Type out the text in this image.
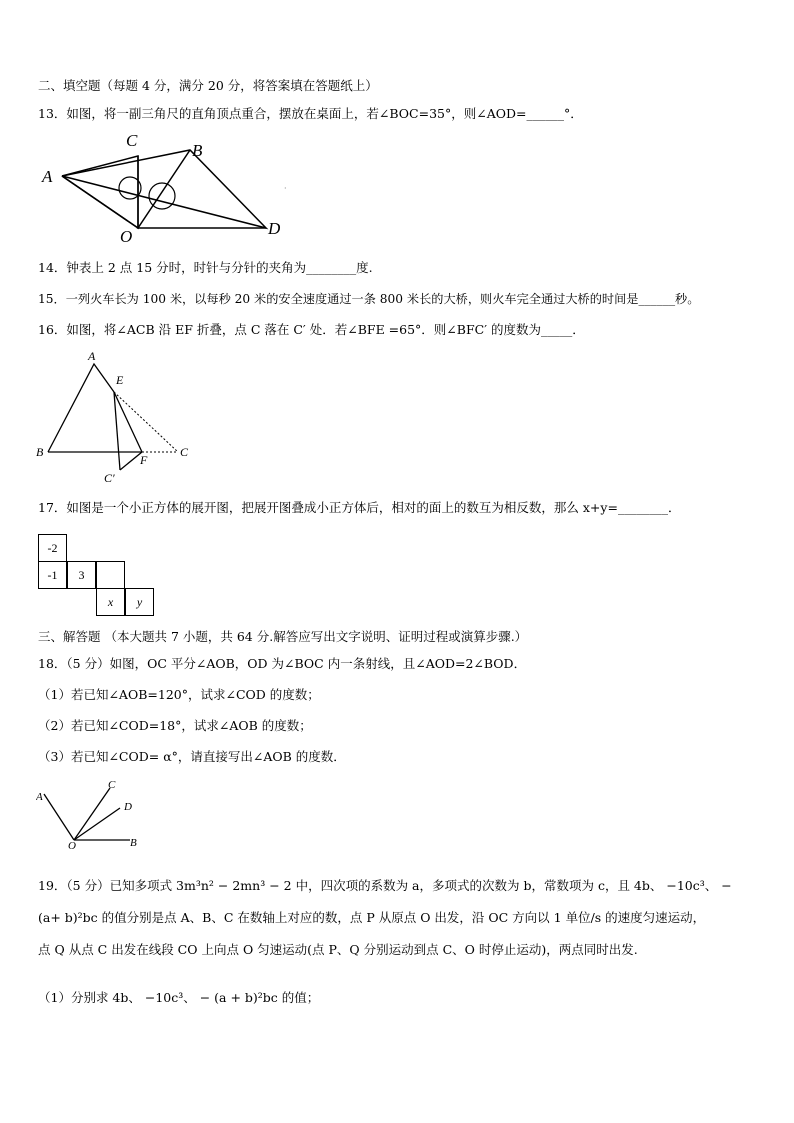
二、填空题（每题 4 分，满分 20 分，将答案填在答题纸上）
13．如图，将一副三角尺的直角顶点重合，摆放在桌面上，若∠BOC=35°，则∠AOD=______°．
A
C
B
O	D
·
14．钟表上 2 点 15 分时，时针与分针的夹角为________度.
15．一列火车长为 100 米，以每秒 20 米的安全速度通过一条 800 米长的大桥，则火车完全通过大桥的时间是______秒。
16．如图，将∠ACB 沿 EF 折叠，点 C 落在 C′ 处．若∠BFE =65°．则∠BFC′ 的度数为_____．
A
E
B
F
C
C′
17．如图是一个小正方体的展开图，把展开图叠成小正方体后，相对的面上的数互为相反数，那么 x+y=________．
-2
-1	3
x	y
三、解答题 （本大题共 7 小题，共 64 分.解答应写出文字说明、证明过程或演算步骤.）
18．（5 分）如图，OC 平分∠AOB，OD 为∠BOC 内一条射线，且∠AOD=2∠BOD．
（1）若已知∠AOB=120°，试求∠COD 的度数；
（2）若已知∠COD=18°，试求∠AOB 的度数；
（3）若已知∠COD= α°，请直接写出∠AOB 的度数．
A
C
D
O	B
19．（5 分）已知多项式 3m³n² − 2mn³ − 2 中，四次项的系数为 a，多项式的次数为 b，常数项为 c，且 4b、 −10c³、 −
(a+ b)²bc 的值分别是点 A、B、C 在数轴上对应的数，点 P 从原点 O 出发，沿 OC 方向以 1 单位/s 的速度匀速运动，
点 Q 从点 C 出发在线段 CO 上向点 O 匀速运动(点 P、Q 分别运动到点 C、O 时停止运动)，两点同时出发.
（1）分别求 4b、 −10c³、 − (a + b)²bc 的值；
